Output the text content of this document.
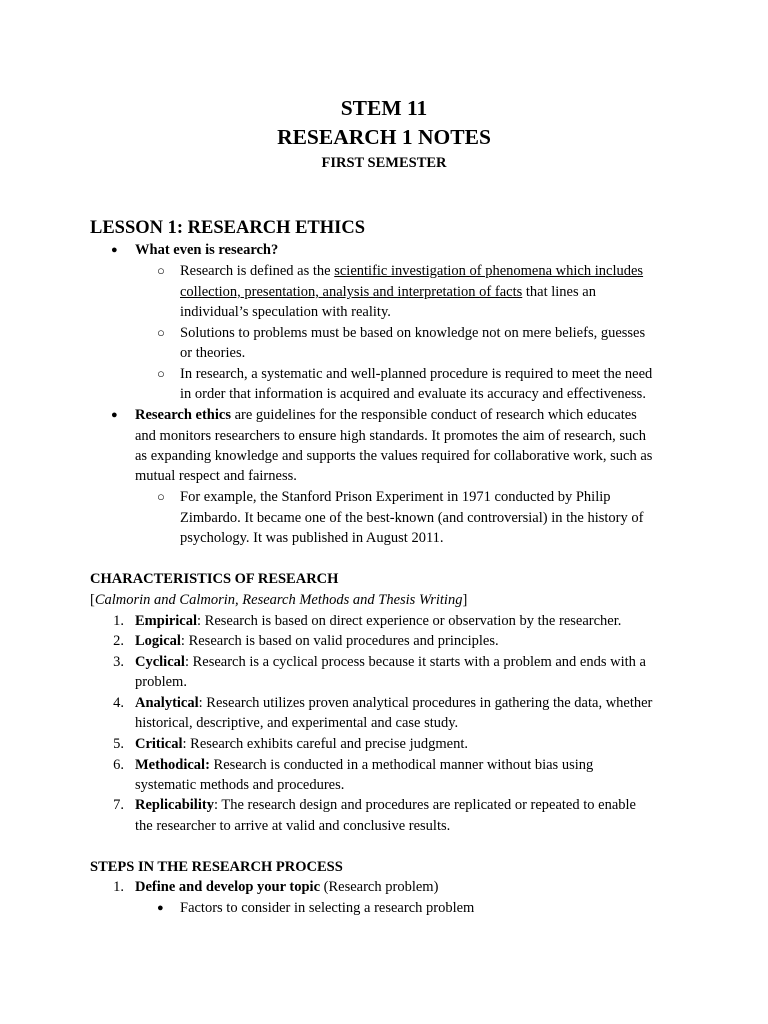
STEM 11
RESEARCH 1 NOTES
FIRST SEMESTER
LESSON 1: RESEARCH ETHICS
● What even is research?
○ Research is defined as the scientific investigation of phenomena which includes
collection, presentation, analysis and interpretation of facts that lines an
individual’s speculation with reality.
○ Solutions to problems must be based on knowledge not on mere beliefs, guesses
or theories.
○ In research, a systematic and well-planned procedure is required to meet the need
in order that information is acquired and evaluate its accuracy and effectiveness.
● Research ethics are guidelines for the responsible conduct of research which educates
and monitors researchers to ensure high standards. It promotes the aim of research, such
as expanding knowledge and supports the values required for collaborative work, such as
mutual respect and fairness.
○ For example, the Stanford Prison Experiment in 1971 conducted by Philip
Zimbardo. It became one of the best-known (and controversial) in the history of
psychology. It was published in August 2011.
CHARACTERISTICS OF RESEARCH
[Calmorin and Calmorin, Research Methods and Thesis Writing]
1. Empirical: Research is based on direct experience or observation by the researcher.
2. Logical: Research is based on valid procedures and principles.
3. Cyclical: Research is a cyclical process because it starts with a problem and ends with a
problem.
4. Analytical: Research utilizes proven analytical procedures in gathering the data, whether
historical, descriptive, and experimental and case study.
5. Critical: Research exhibits careful and precise judgment.
6. Methodical: Research is conducted in a methodical manner without bias using
systematic methods and procedures.
7. Replicability: The research design and procedures are replicated or repeated to enable
the researcher to arrive at valid and conclusive results.
STEPS IN THE RESEARCH PROCESS
1. Define and develop your topic (Research problem)
● Factors to consider in selecting a research problem
